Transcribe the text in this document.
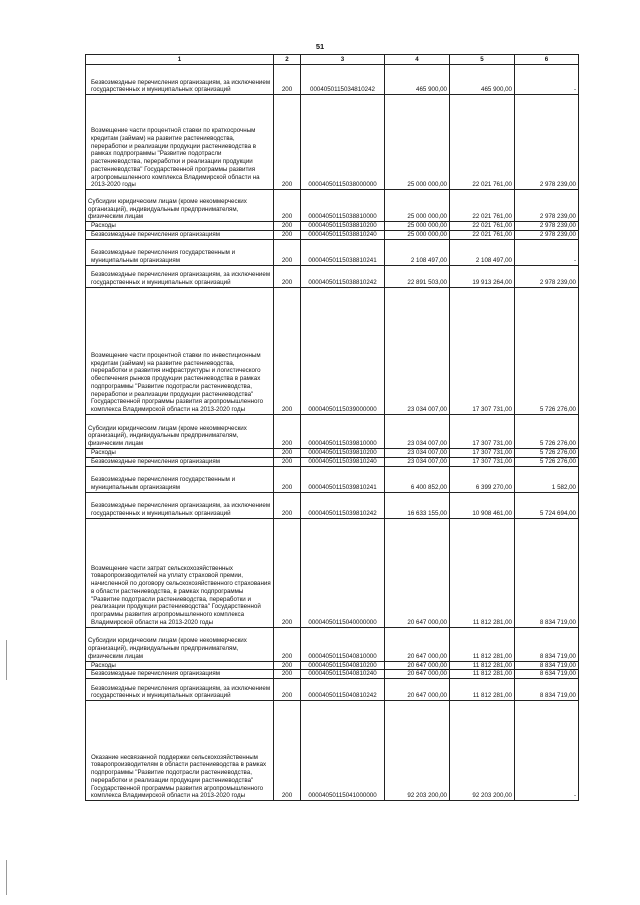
51
1	2	3	4	5	6
Безвозмездные перечисления организациям, за исключением государственных и муниципальных организаций	200	0004050115034810242	465 900,00	465 900,00	-
Возмещение части процентной ставки по краткосрочным кредитам (займам) на развитие растениеводства, переработки и реализации продукции растениеводства в рамках подпрограммы "Развитие подотрасли растениеводства, переработки и реализации продукции растениеводства" Государственной программы развития агропромышленного комплекса Владимирской области на 2013-2020 годы	200	00004050115038000000	25 000 000,00	22 021 761,00	2 978 239,00
Субсидии юридическим лицам (кроме некоммерческих организаций), индивидуальным предпринимателям, физическим лицам	200	00004050115038810000	25 000 000,00	22 021 761,00	2 978 239,00
Расходы	200	00004050115038810200	25 000 000,00	22 021 761,00	2 978 239,00
Безвозмездные перечисления организациям	200	00004050115038810240	25 000 000,00	22 021 761,00	2 978 239,00
Безвозмездные перечисления государственным и муниципальным организациям	200	00004050115038810241	2 108 497,00	2 108 497,00	-
Безвозмездные перечисления организациям, за исключением государственных и муниципальных организаций	200	00004050115038810242	22 891 503,00	19 913 264,00	2 978 239,00
Возмещение части процентной ставки по инвестиционным кредитам (займам) на развитие растениеводства, переработки и развития инфраструктуры и логистического обеспечения рынков продукции растениеводства в рамках подпрограммы "Развитие подотрасли растениеводства, переработки и реализации продукции растениеводства" Государственной программы развития агропромышленного комплекса Владимирской области на 2013-2020 годы	200	00004050115039000000	23 034 007,00	17 307 731,00	5 726 276,00
Субсидии юридическим лицам (кроме некоммерческих организаций), индивидуальным предпринимателям, физическим лицам	200	00004050115039810000	23 034 007,00	17 307 731,00	5 726 276,00
Расходы	200	00004050115039810200	23 034 007,00	17 307 731,00	5 726 276,00
Безвозмездные перечисления организациям	200	00004050115039810240	23 034 007,00	17 307 731,00	5 726 276,00
Безвозмездные перечисления государственным и муниципальным организациям	200	00004050115039810241	6 400 852,00	6 399 270,00	1 582,00
Безвозмездные перечисления организациям, за исключением государственных и муниципальных организаций	200	00004050115039810242	16 633 155,00	10 908 461,00	5 724 694,00
Возмещение части затрат сельскохозяйственных товаропроизводителей на уплату страховой премии, начисленной по договору сельскохозяйственного страхования в области растениеводства, в рамках подпрограммы "Развитие подотрасли растениеводства, переработки и реализации продукции растениеводства" Государственной программы развития агропромышленного комплекса Владимирской области на 2013-2020 годы	200	00004050115040000000	20 647 000,00	11 812 281,00	8 834 719,00
Субсидии юридическим лицам (кроме некоммерческих организаций), индивидуальным предпринимателям, физическим лицам	200	00004050115040810000	20 647 000,00	11 812 281,00	8 834 719,00
Расходы	200	00004050115040810200	20 647 000,00	11 812 281,00	8 834 719,00
Безвозмездные перечисления организациям	200	00004050115040810240	20 647 000,00	11 812 281,00	8 634 719,00
Безвозмездные перечисления организациям, за исключением государственных и муниципальных организаций	200	00004050115040810242	20 647 000,00	11 812 281,00	8 834 719,00
Оказание несвязанной поддержки сельскохозяйственным товаропроизводителям в области растениеводства в рамках подпрограммы "Развитие подотрасли растениеводства, переработки и реализации продукции растениеводства" Государственной программы развития агропромышленного комплекса Владимирской области на 2013-2020 годы	200	00004050115041000000	92 203 200,00	92 203 200,00	-
